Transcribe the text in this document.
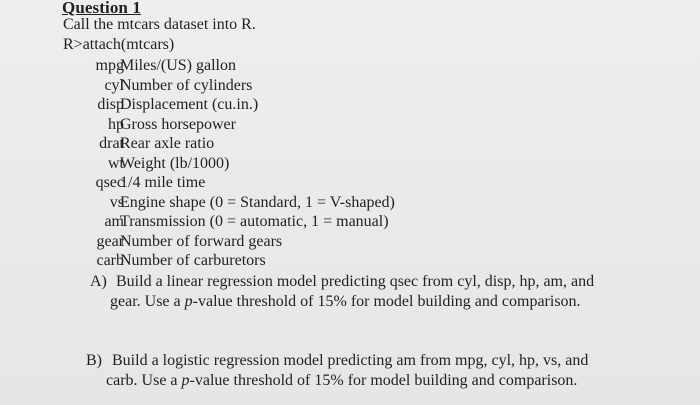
Question 1
Call the mtcars dataset into R.
R>attach(mtcars)
mpg
Miles/(US) gallon
cyl
Number of cylinders
disp
Displacement (cu.in.)
hp
Gross horsepower
drat
Rear axle ratio
wt
Weight (lb/1000)
qsec
1/4 mile time
vs
Engine shape (0 = Standard, 1 = V-shaped)
am
Transmission (0 = automatic, 1 = manual)
gear
Number of forward gears
carb
Number of carburetors
A) Build a linear regression model predicting qsec from cyl, disp, hp, am, and
gear. Use a p-value threshold of 15% for model building and comparison.
B) Build a logistic regression model predicting am from mpg, cyl, hp, vs, and
carb. Use a p-value threshold of 15% for model building and comparison.
